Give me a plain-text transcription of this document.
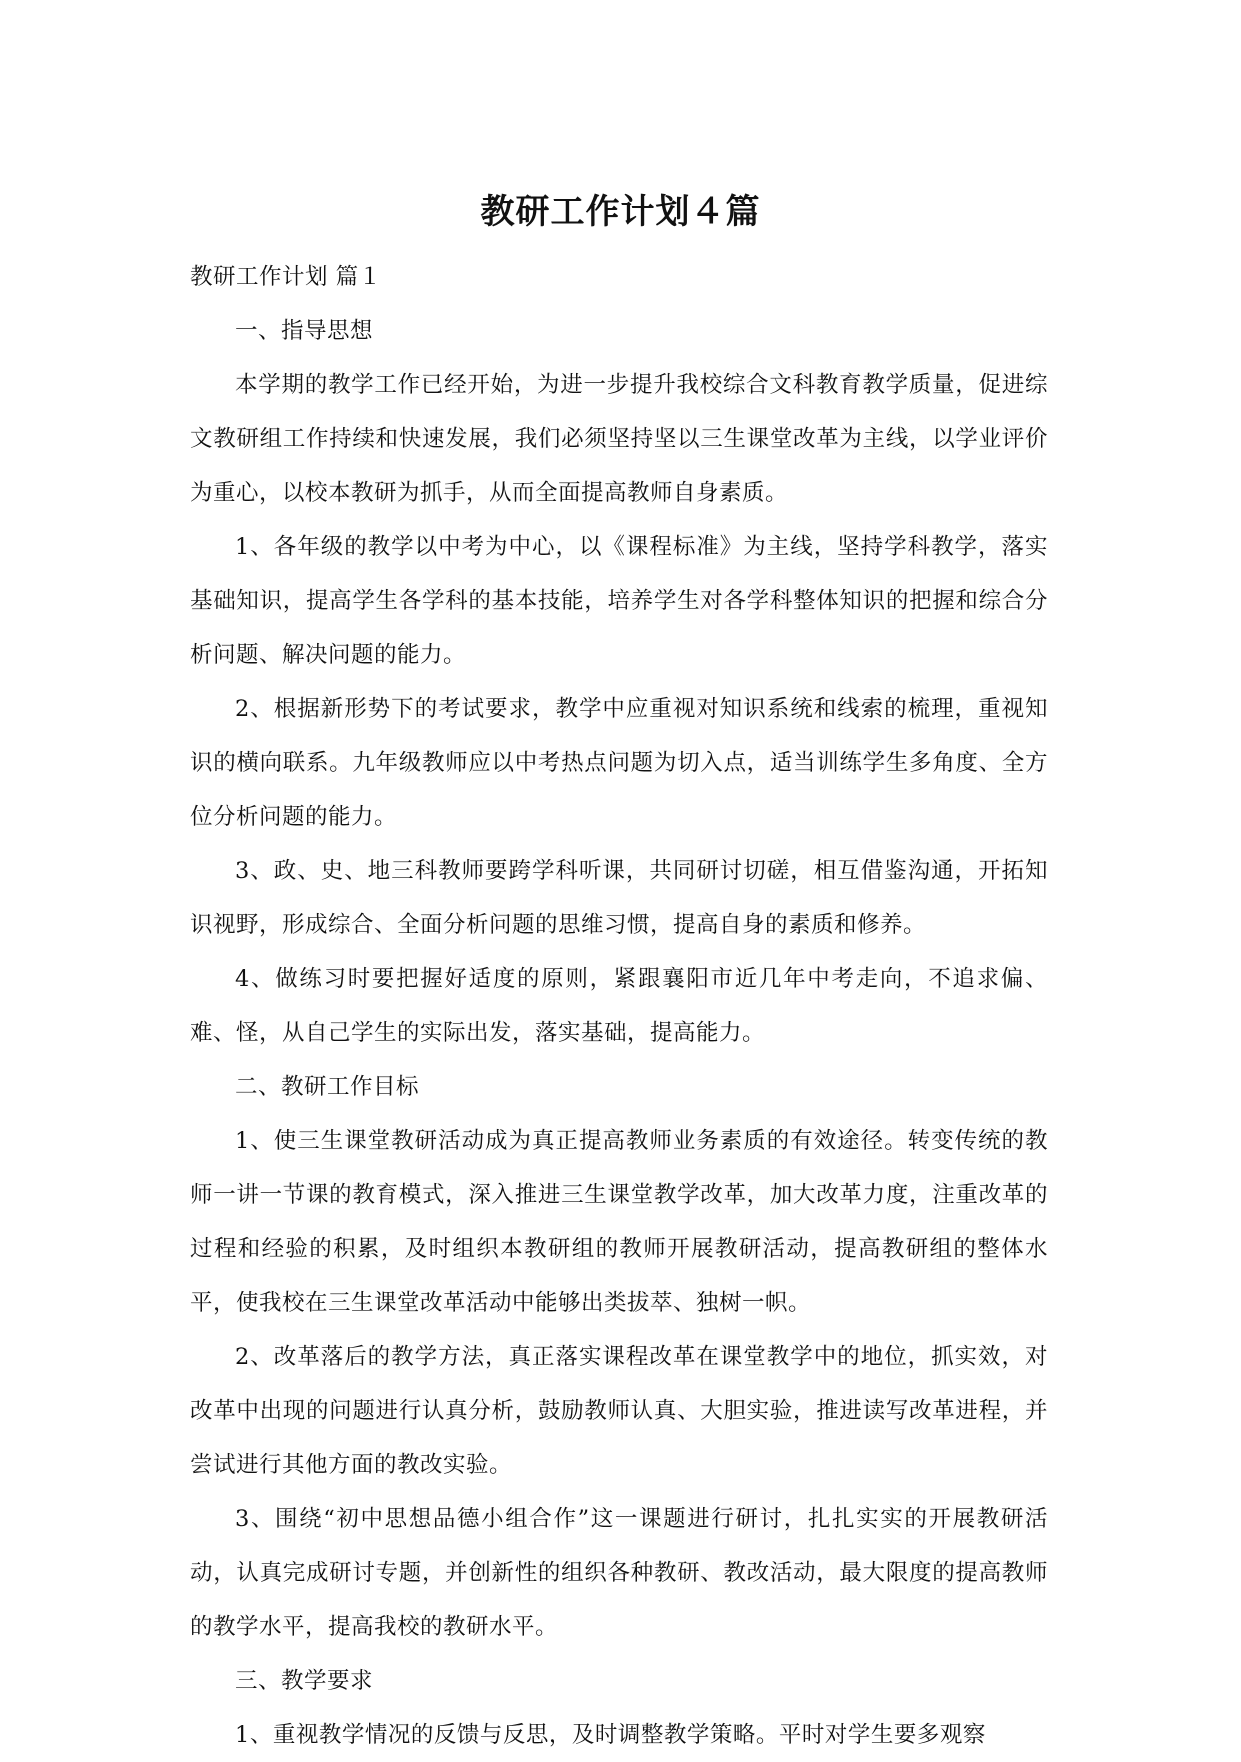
教研工作计划４篇

教研工作计划 篇１

一、指导思想

本学期的教学工作已经开始，为进一步提升我校综合文科教育教学质量，促进综文教研组工作持续和快速发展，我们必须坚持坚以三生课堂改革为主线，以学业评价为重心，以校本教研为抓手，从而全面提高教师自身素质。

1、各年级的教学以中考为中心，以《课程标准》为主线，坚持学科教学，落实基础知识，提高学生各学科的基本技能，培养学生对各学科整体知识的把握和综合分析问题、解决问题的能力。

2、根据新形势下的考试要求，教学中应重视对知识系统和线索的梳理，重视知识的横向联系。九年级教师应以中考热点问题为切入点，适当训练学生多角度、全方位分析问题的能力。

3、政、史、地三科教师要跨学科听课，共同研讨切磋，相互借鉴沟通，开拓知识视野，形成综合、全面分析问题的思维习惯，提高自身的素质和修养。

4、做练习时要把握好适度的原则，紧跟襄阳市近几年中考走向，不追求偏、难、怪，从自己学生的实际出发，落实基础，提高能力。

二、教研工作目标

1、使三生课堂教研活动成为真正提高教师业务素质的有效途径。转变传统的教师一讲一节课的教育模式，深入推进三生课堂教学改革，加大改革力度，注重改革的过程和经验的积累，及时组织本教研组的教师开展教研活动，提高教研组的整体水平，使我校在三生课堂改革活动中能够出类拔萃、独树一帜。

2、改革落后的教学方法，真正落实课程改革在课堂教学中的地位，抓实效，对改革中出现的问题进行认真分析，鼓励教师认真、大胆实验，推进读写改革进程，并尝试进行其他方面的教改实验。

3、围绕“初中思想品德小组合作”这一课题进行研讨，扎扎实实的开展教研活动，认真完成研讨专题，并创新性的组织各种教研、教改活动，最大限度的提高教师的教学水平，提高我校的教研水平。

三、教学要求

1、重视教学情况的反馈与反思，及时调整教学策略。平时对学生要多观察
